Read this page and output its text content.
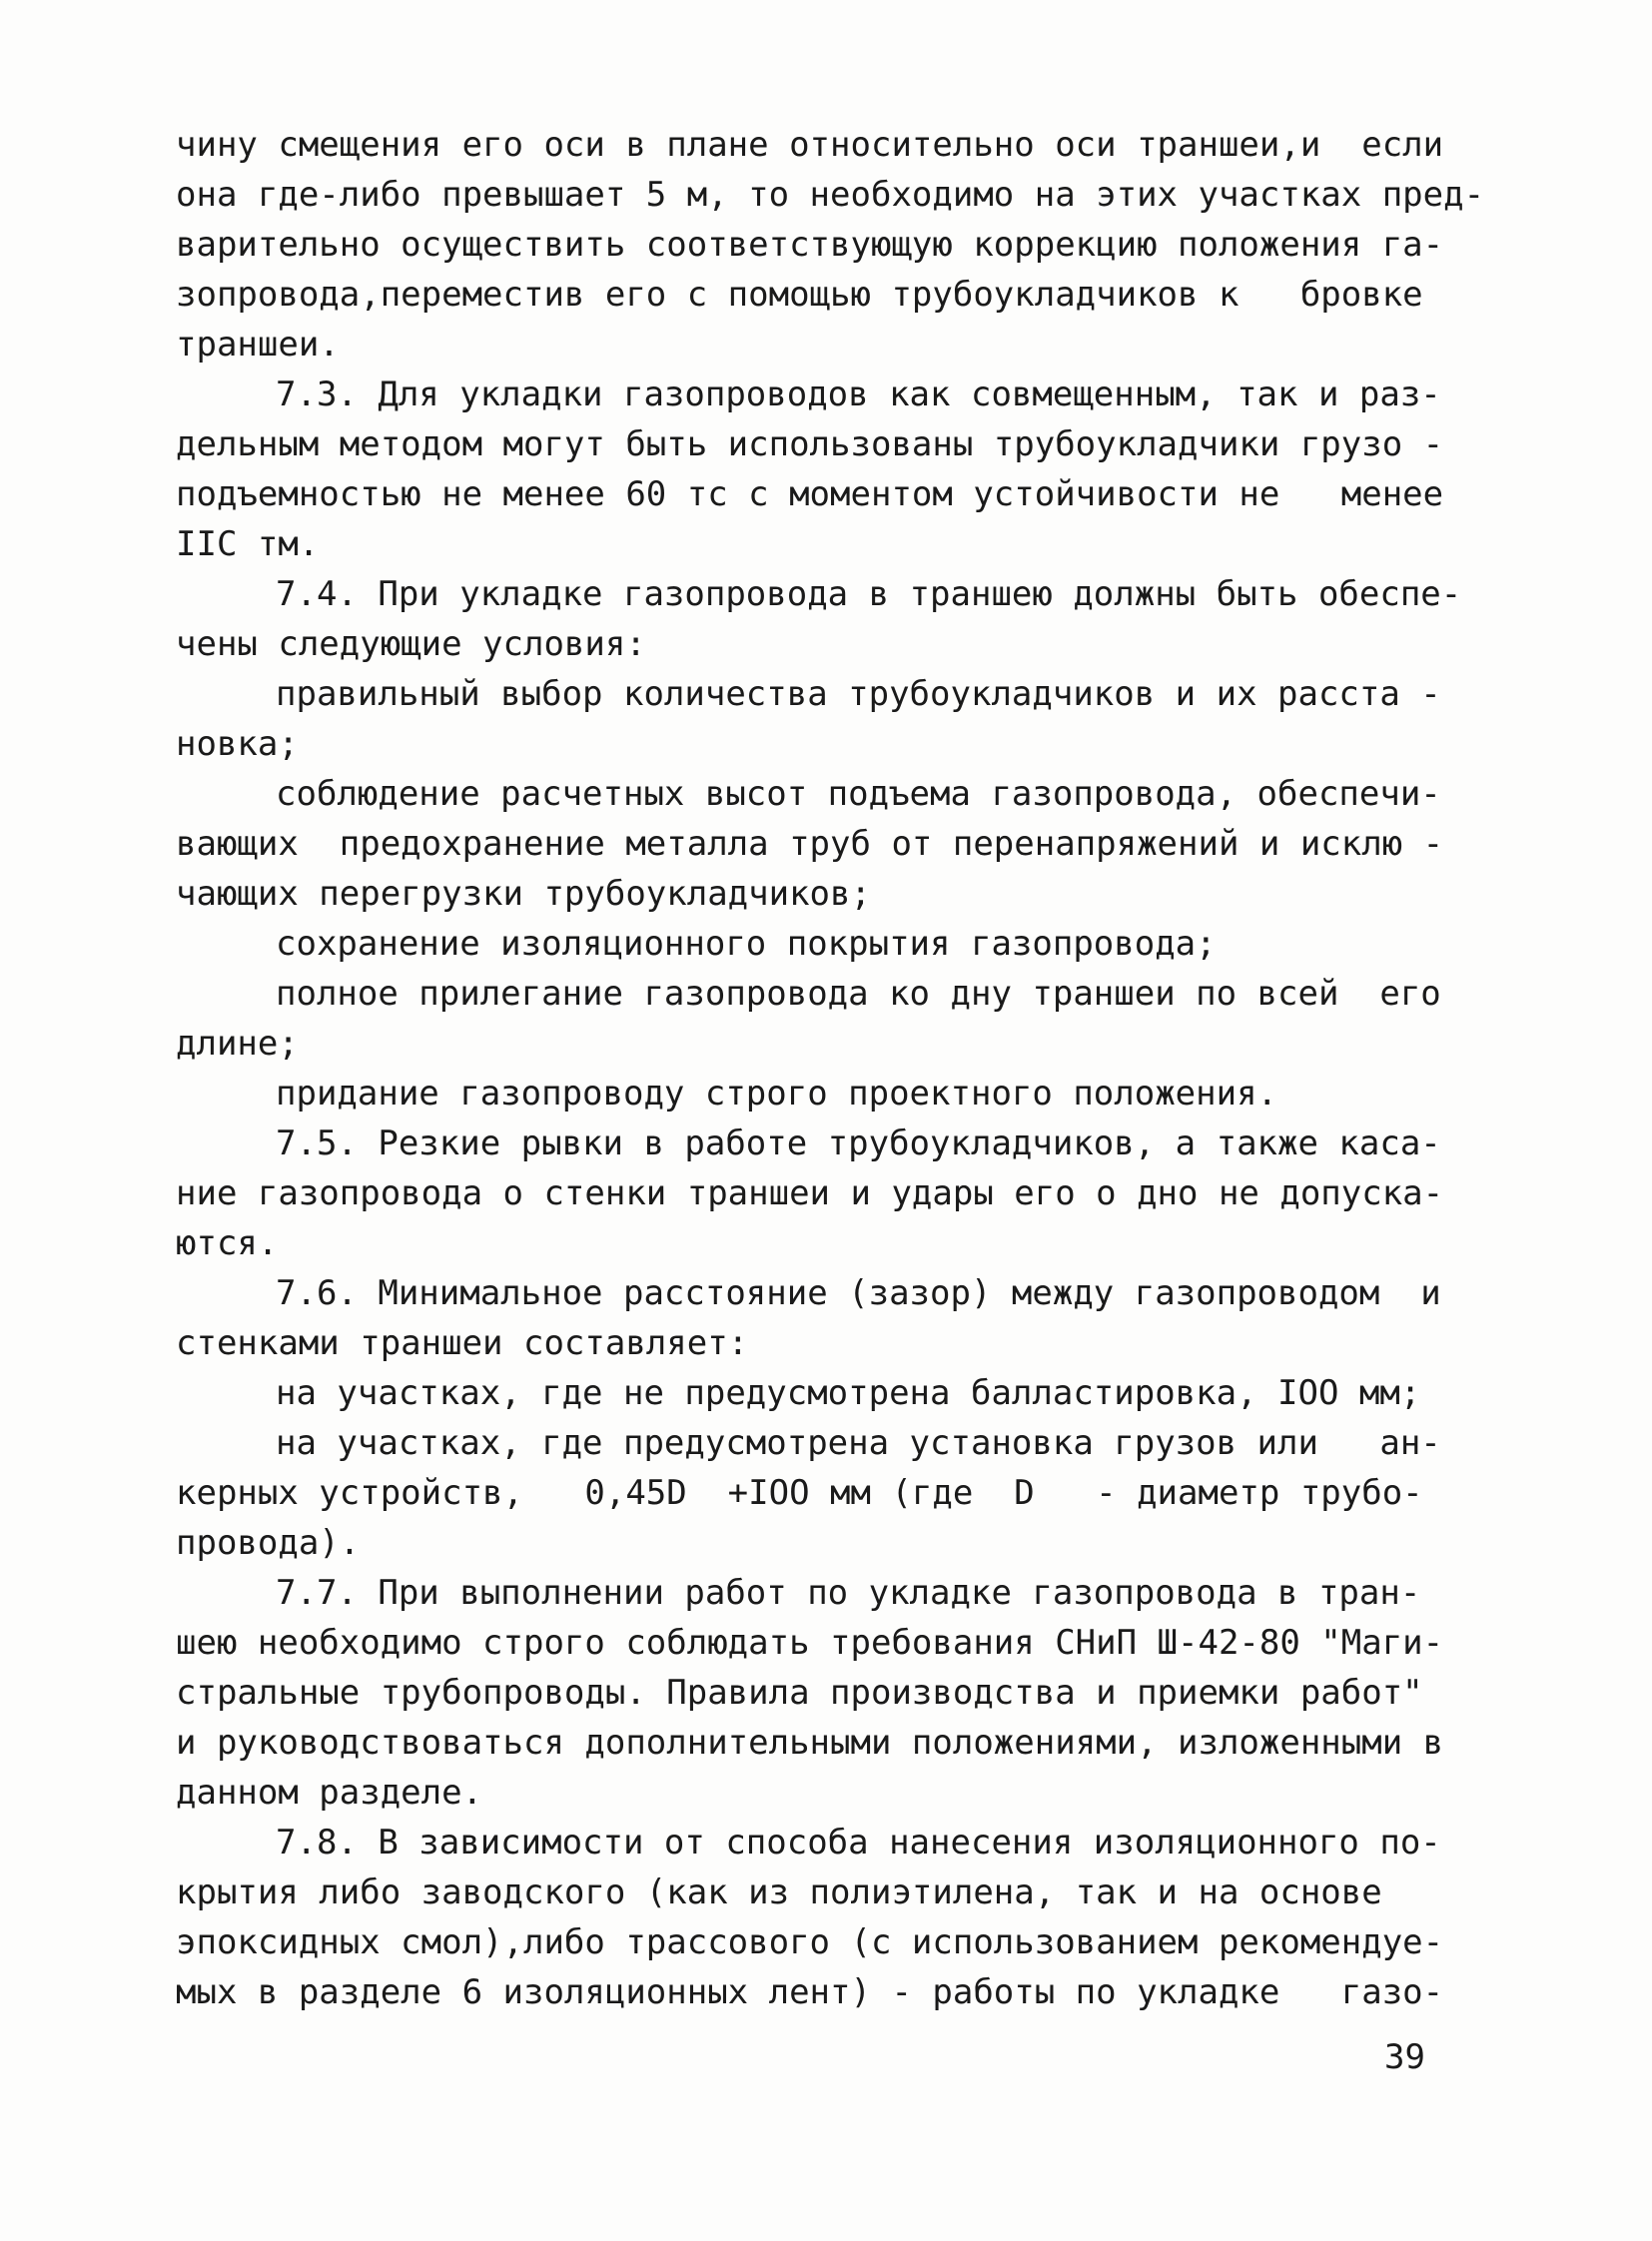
чину смещения его оси в плане относительно оси траншеи,и  если
она где-либо превышает 5 м, то необходимо на этих участках пред-
варительно осуществить соответствующую коррекцию положения га-
зопровода,переместив его с помощью трубоукладчиков к   бровке
траншеи.
7.3. Для укладки газопроводов как совмещенным, так и раз-
дельным методом могут быть использованы трубоукладчики грузо -
подъемностью не менее 60 тс с моментом устойчивости не   менее
IIC тм.
7.4. При укладке газопровода в траншею должны быть обеспе-
чены следующие условия:
правильный выбор количества трубоукладчиков и их расста -
новка;
соблюдение расчетных высот подъема газопровода, обеспечи-
вающих  предохранение металла труб от перенапряжений и исклю -
чающих перегрузки трубоукладчиков;
сохранение изоляционного покрытия газопровода;
полное прилегание газопровода ко дну траншеи по всей  его
длине;
придание газопроводу строго проектного положения.
7.5. Резкие рывки в работе трубоукладчиков, а также каса-
ние газопровода о стенки траншеи и удары его о дно не допуска-
ются.
7.6. Минимальное расстояние (зазор) между газопроводом  и
стенками траншеи составляет:
на участках, где не предусмотрена балластировка, IOO мм;
на участках, где предусмотрена установка грузов или   ан-
керных устройств,   0,45D  +IOO мм (где  D   - диаметр трубо-
провода).
7.7. При выполнении работ по укладке газопровода в тран-
шею необходимо строго соблюдать требования СНиП Ш-42-80 "Маги-
стральные трубопроводы. Правила производства и приемки работ"
и руководствоваться дополнительными положениями, изложенными в
данном разделе.
7.8. В зависимости от способа нанесения изоляционного по-
крытия либо заводского (как из полиэтилена, так и на основе
эпоксидных смол),либо трассового (с использованием рекомендуе-
мых в разделе 6 изоляционных лент) - работы по укладке   газо-
39
